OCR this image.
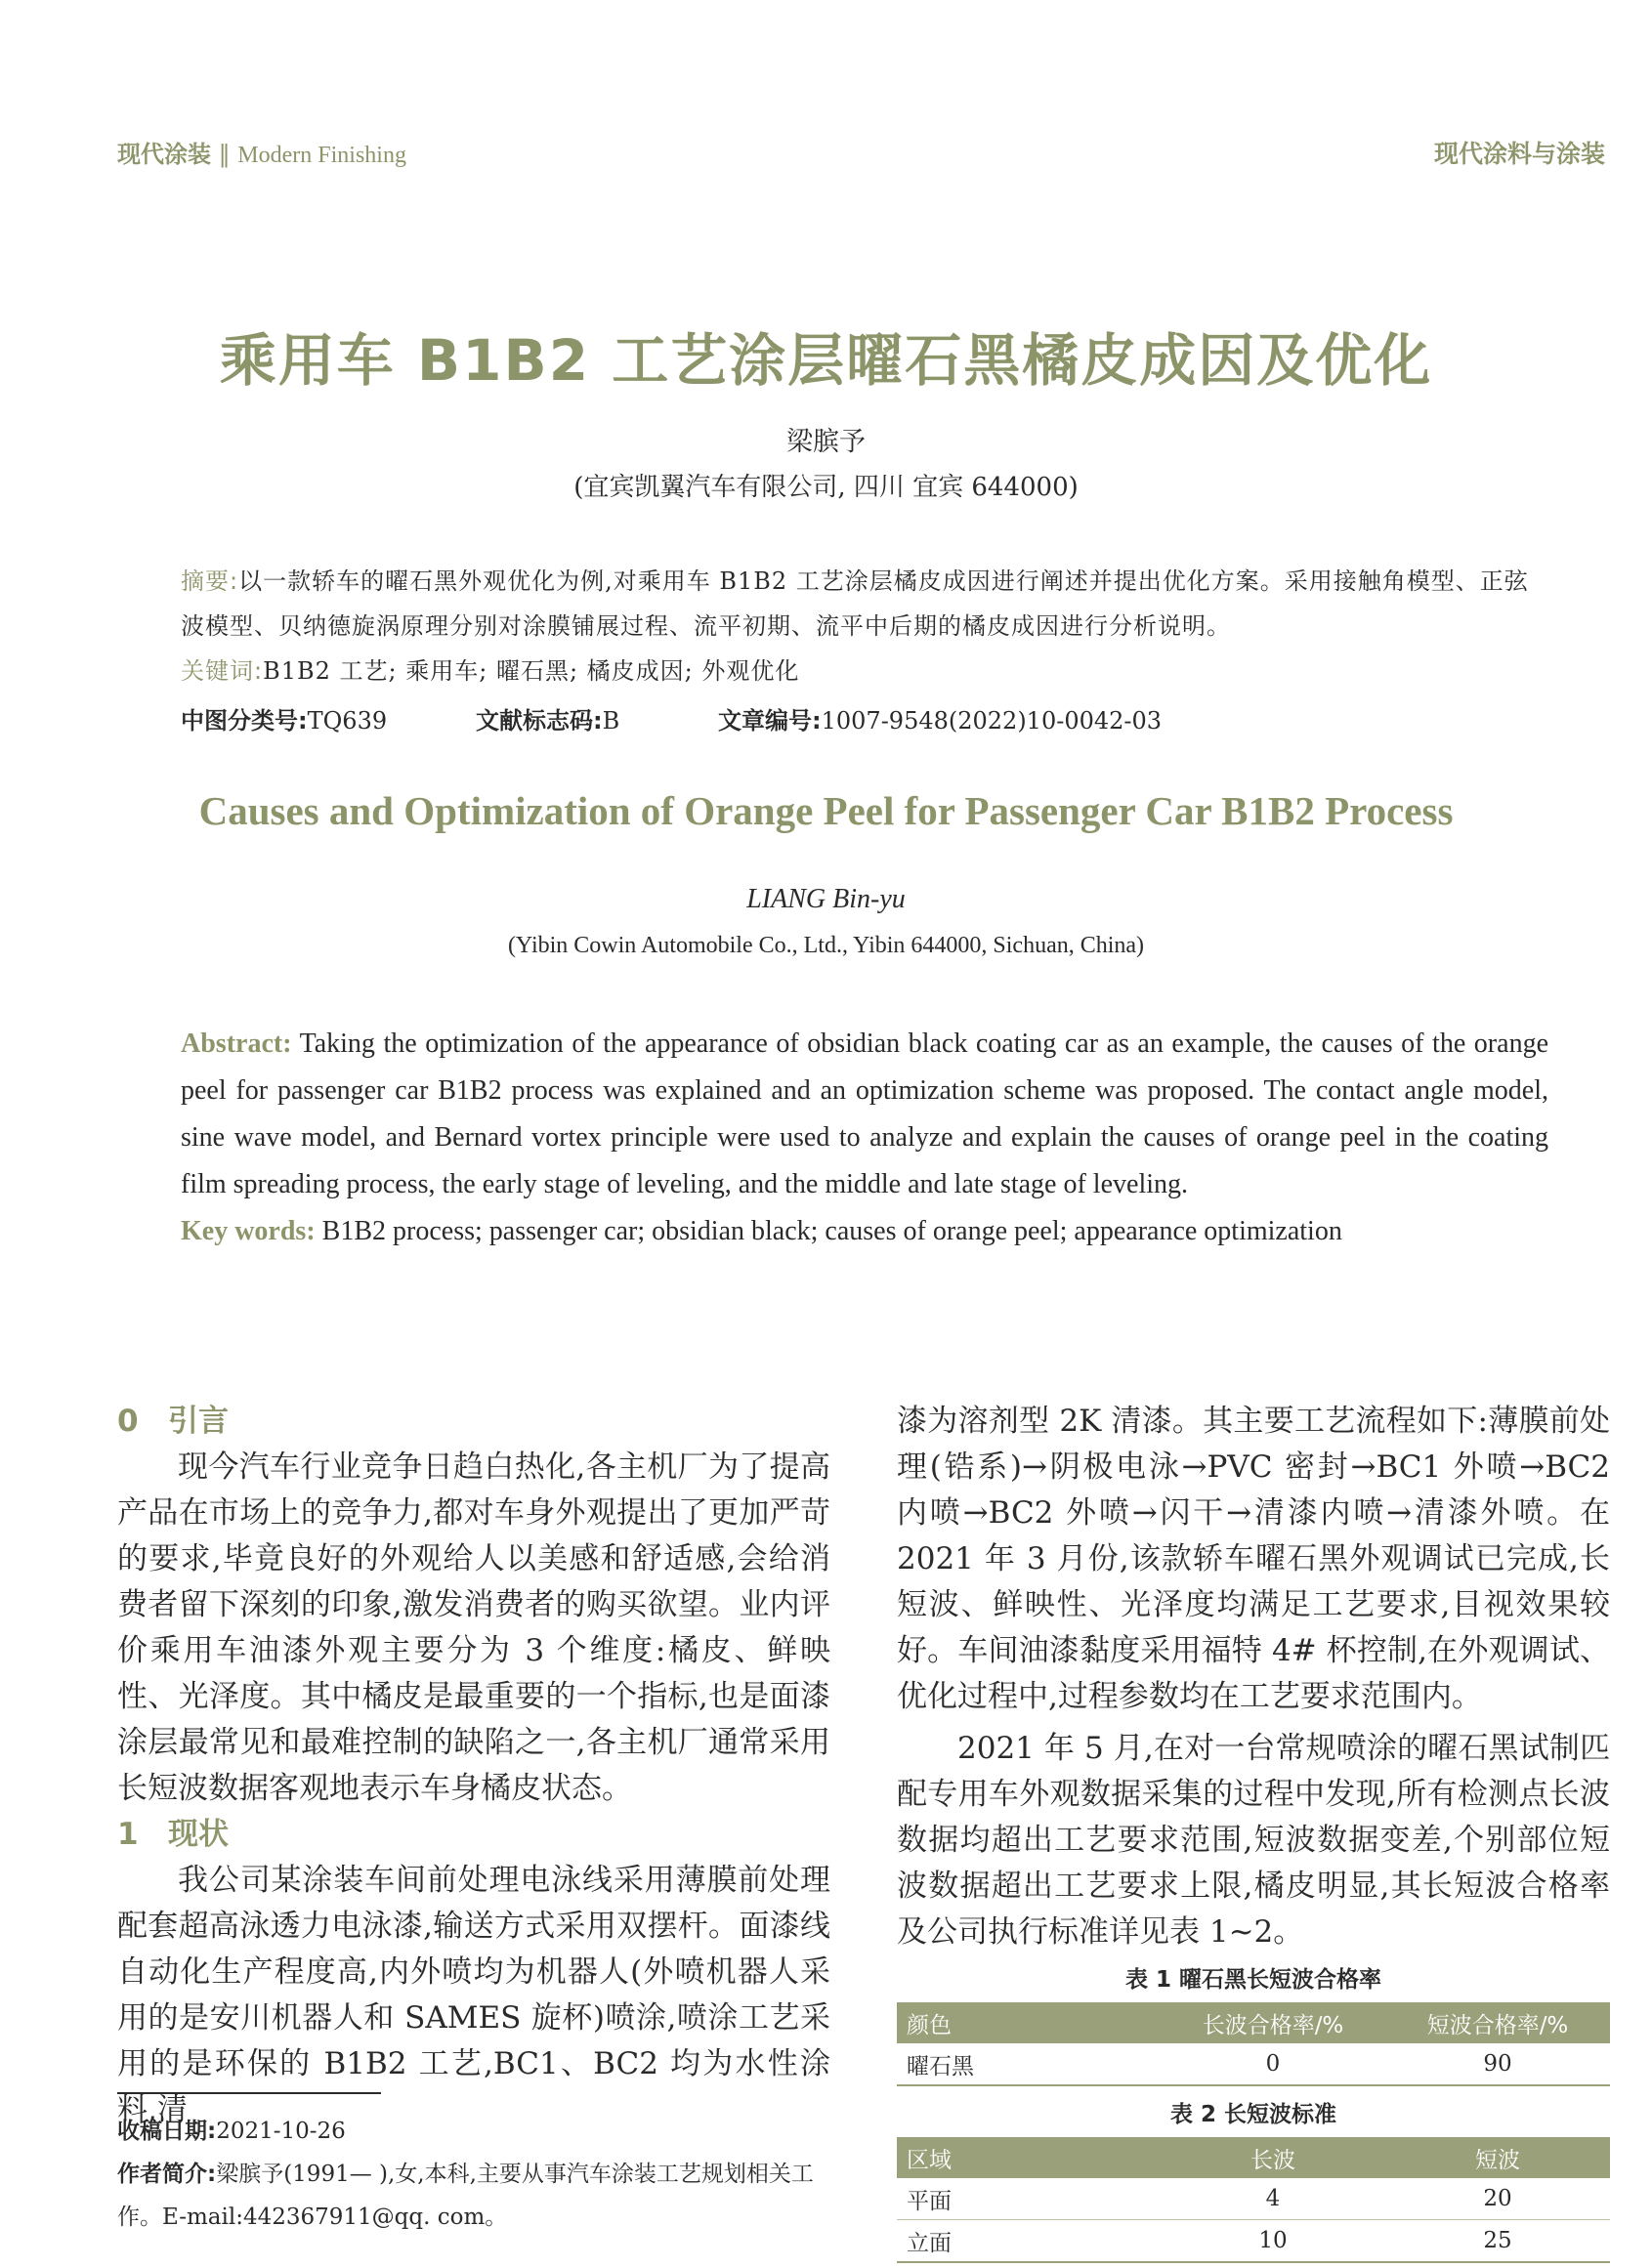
现代涂装 ‖ Modern Finishing	现代涂料与涂装
乘用车 B1B2 工艺涂层曜石黑橘皮成因及优化
梁膑予
(宜宾凯翼汽车有限公司, 四川 宜宾 644000)
摘要:以一款轿车的曜石黑外观优化为例,对乘用车 B1B2 工艺涂层橘皮成因进行阐述并提出优化方案。采用接触角模型、正弦波模型、贝纳德旋涡原理分别对涂膜铺展过程、流平初期、流平中后期的橘皮成因进行分析说明。
关键词:B1B2 工艺; 乘用车; 曜石黑; 橘皮成因; 外观优化
中图分类号:TQ639	文献标志码:B	文章编号:1007-9548(2022)10-0042-03
Causes and Optimization of Orange Peel for Passenger Car B1B2 Process
LIANG Bin-yu
(Yibin Cowin Automobile Co., Ltd., Yibin 644000, Sichuan, China)
Abstract: Taking the optimization of the appearance of obsidian black coating car as an example, the causes of the orange peel for passenger car B1B2 process was explained and an optimization scheme was proposed. The contact angle model, sine wave model, and Bernard vortex principle were used to analyze and explain the causes of orange peel in the coating film spreading process, the early stage of leveling, and the middle and late stage of leveling.
Key words: B1B2 process; passenger car; obsidian black; causes of orange peel; appearance optimization
0 引言

现今汽车行业竞争日趋白热化,各主机厂为了提高产品在市场上的竞争力,都对车身外观提出了更加严苛的要求,毕竟良好的外观给人以美感和舒适感,会给消费者留下深刻的印象,激发消费者的购买欲望。业内评价乘用车油漆外观主要分为 3 个维度:橘皮、鲜映性、光泽度。其中橘皮是最重要的一个指标,也是面漆涂层最常见和最难控制的缺陷之一,各主机厂通常采用长短波数据客观地表示车身橘皮状态。

1 现状

我公司某涂装车间前处理电泳线采用薄膜前处理配套超高泳透力电泳漆,输送方式采用双摆杆。面漆线自动化生产程度高,内外喷均为机器人(外喷机器人采用的是安川机器人和 SAMES 旋杯)喷涂,喷涂工艺采用的是环保的 B1B2 工艺,BC1、BC2 均为水性涂料,清

收稿日期:2021-10-26
作者简介:梁膑予(1991— ),女,本科,主要从事汽车涂装工艺规划相关工作。E-mail:442367911@qq. com。

漆为溶剂型 2K 清漆。其主要工艺流程如下:薄膜前处理(锆系)→阴极电泳→PVC 密封→BC1 外喷→BC2 内喷→BC2 外喷→闪干→清漆内喷→清漆外喷。在 2021 年 3 月份,该款轿车曜石黑外观调试已完成,长短波、鲜映性、光泽度均满足工艺要求,目视效果较好。车间油漆黏度采用福特 4# 杯控制,在外观调试、优化过程中,过程参数均在工艺要求范围内。

2021 年 5 月,在对一台常规喷涂的曜石黑试制匹配专用车外观数据采集的过程中发现,所有检测点长波数据均超出工艺要求范围,短波数据变差,个别部位短波数据超出工艺要求上限,橘皮明显,其长短波合格率及公司执行标准详见表 1~2。

表 1 曜石黑长短波合格率
颜色	长波合格率/%	短波合格率/%
曜石黑	0	90
表 2 长短波标准
区域	长波	短波
平面	4	20
立面	10	25
